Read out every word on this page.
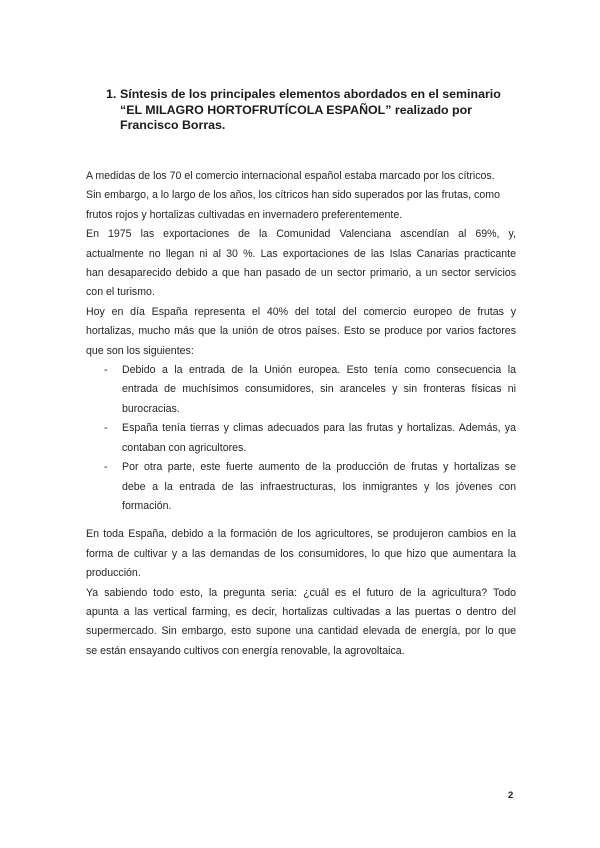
1. Síntesis de los principales elementos abordados en el seminario
“EL MILAGRO HORTOFRUTÍCOLA ESPAÑOL” realizado por
Francisco Borras.
A medidas de los 70 el comercio internacional español estaba marcado por los cítricos.
Sin embargo, a lo largo de los años, los cítricos han sido superados por las frutas, como
frutos rojos y hortalizas cultivadas en invernadero preferentemente.
En 1975 las exportaciones de la Comunidad Valenciana ascendían al 69%, y,
actualmente no llegan ni al 30 %. Las exportaciones de las Islas Canarias practicante
han desaparecido debido a que han pasado de un sector primario, a un sector servicios
con el turismo.
Hoy en día España representa el 40% del total del comercio europeo de frutas y
hortalizas, mucho más que la unión de otros países. Esto se produce por varios factores
que son los siguientes:
- Debido a la entrada de la Unión europea. Esto tenía como consecuencia la
entrada de muchísimos consumidores, sin aranceles y sin fronteras físicas ni
burocracias.
- España tenía tierras y climas adecuados para las frutas y hortalizas. Además, ya
contaban con agricultores.
- Por otra parte, este fuerte aumento de la producción de frutas y hortalizas se
debe a la entrada de las infraestructuras, los inmigrantes y los jóvenes con
formación.
En toda España, debido a la formación de los agricultores, se produjeron cambios en la
forma de cultivar y a las demandas de los consumidores, lo que hizo que aumentara la
producción.
Ya sabiendo todo esto, la pregunta seria: ¿cuál es el futuro de la agricultura? Todo
apunta a las vertical farming, es decir, hortalizas cultivadas a las puertas o dentro del
supermercado. Sin embargo, esto supone una cantidad elevada de energía, por lo que
se están ensayando cultivos con energía renovable, la agrovoltaica.
2
